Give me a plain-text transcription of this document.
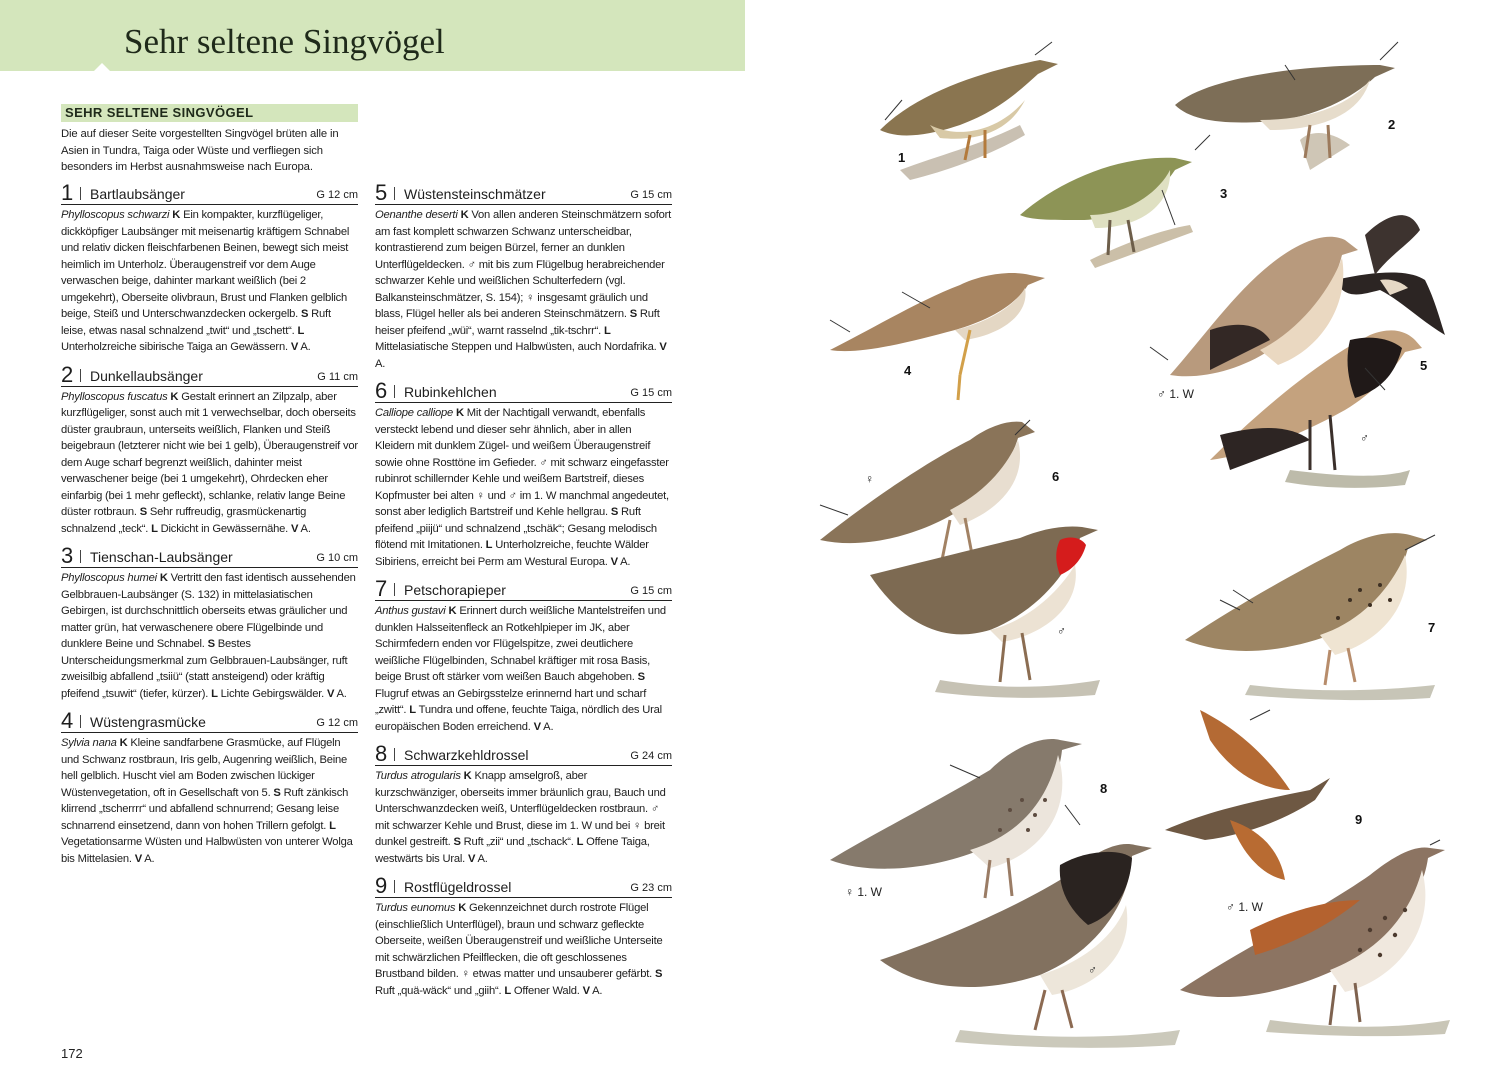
Sehr seltene Singvögel
SEHR SELTENE SINGVÖGEL
Die auf dieser Seite vorgestellten Singvögel brüten alle in Asien in Tundra, Taiga oder Wüste und verfliegen sich besonders im Herbst ausnahmsweise nach Europa.
1 Bartlaubsänger	G 12 cm
Phylloscopus schwarzi K Ein kompakter, kurzflügeliger, dickköpfiger Laubsänger mit meisenartig kräftigem Schnabel und relativ dicken fleischfarbenen Beinen, bewegt sich meist heimlich im Unterholz. Überaugenstreif vor dem Auge verwaschen beige, dahinter markant weißlich (bei 2 umgekehrt), Oberseite olivbraun, Brust und Flanken gelblich beige, Steiß und Unterschwanzdecken ockergelb. S Ruft leise, etwas nasal schnalzend „twit“ und „tschett“. L Unterholzreiche sibirische Taiga an Gewässern. V A.
2 Dunkellaubsänger	G 11 cm
Phylloscopus fuscatus K Gestalt erinnert an Zilpzalp, aber kurzflügeliger, sonst auch mit 1 verwechselbar, doch oberseits düster graubraun, unterseits weißlich, Flanken und Steiß beigebraun (letzterer nicht wie bei 1 gelb), Überaugenstreif vor dem Auge scharf begrenzt weißlich, dahinter meist verwaschener beige (bei 1 umgekehrt), Ohrdecken eher einfarbig (bei 1 mehr gefleckt), schlanke, relativ lange Beine düster rotbraun. S Sehr ruffreudig, grasmückenartig schnalzend „teck“. L Dickicht in Gewässernähe. V A.
3 Tienschan-Laubsänger	G 10 cm
Phylloscopus humei K Vertritt den fast identisch aussehenden Gelbbrauen-Laubsänger (S. 132) in mittelasiatischen Gebirgen, ist durchschnittlich oberseits etwas gräulicher und matter grün, hat verwaschenere obere Flügelbinde und dunklere Beine und Schnabel. S Bestes Unterscheidungsmerkmal zum Gelbbrauen-Laubsänger, ruft zweisilbig abfallend „tsiiü“ (statt ansteigend) oder kräftig pfeifend „tsuwit“ (tiefer, kürzer). L Lichte Gebirgswälder. V A.
4 Wüstengrasmücke	G 12 cm
Sylvia nana K Kleine sandfarbene Grasmücke, auf Flügeln und Schwanz rostbraun, Iris gelb, Augenring weißlich, Beine hell gelblich. Huscht viel am Boden zwischen lückiger Wüstenvegetation, oft in Gesellschaft von 5. S Ruft zänkisch klirrend „tscherrrr“ und abfallend schnurrend; Gesang leise schnarrend einsetzend, dann von hohen Trillern gefolgt. L Vegetationsarme Wüsten und Halbwüsten von unterer Wolga bis Mittelasien. V A.
5 Wüstensteinschmätzer	G 15 cm
Oenanthe deserti K Von allen anderen Steinschmätzern sofort am fast komplett schwarzen Schwanz unterscheidbar, kontrastierend zum beigen Bürzel, ferner an dunklen Unterflügeldecken. ♂ mit bis zum Flügelbug herabreichender schwarzer Kehle und weißlichen Schulterfedern (vgl. Balkansteinschmätzer, S. 154); ♀ insgesamt gräulich und blass, Flügel heller als bei anderen Steinschmätzern. S Ruft heiser pfeifend „wüi“, warnt rasselnd „tik-tschrr“. L Mittelasiatische Steppen und Halbwüsten, auch Nordafrika. V A.
6 Rubinkehlchen	G 15 cm
Calliope calliope K Mit der Nachtigall verwandt, ebenfalls versteckt lebend und dieser sehr ähnlich, aber in allen Kleidern mit dunklem Zügel- und weißem Überaugenstreif sowie ohne Rosttöne im Gefieder. ♂ mit schwarz eingefasster rubinrot schillernder Kehle und weißem Bartstreif, dieses Kopfmuster bei alten ♀ und ♂ im 1. W manchmal angedeutet, sonst aber lediglich Bartstreif und Kehle hellgrau. S Ruft pfeifend „piijü“ und schnalzend „tschäk“; Gesang melodisch flötend mit Imitationen. L Unterholzreiche, feuchte Wälder Sibiriens, erreicht bei Perm am Westural Europa. V A.
7 Petschorapieper	G 15 cm
Anthus gustavi K Erinnert durch weißliche Mantelstreifen und dunklen Halsseitenfleck an Rotkehlpieper im JK, aber Schirmfedern enden vor Flügelspitze, zwei deutlichere weißliche Flügelbinden, Schnabel kräftiger mit rosa Basis, beige Brust oft stärker vom weißen Bauch abgehoben. S Flugruf etwas an Gebirgsstelze erinnernd hart und scharf „zwitt“. L Tundra und offene, feuchte Taiga, nördlich des Ural europäischen Boden erreichend. V A.
8 Schwarzkehldrossel	G 24 cm
Turdus atrogularis K Knapp amselgroß, aber kurzschwänziger, oberseits immer bräunlich grau, Bauch und Unterschwanzdecken weiß, Unterflügeldecken rostbraun. ♂ mit schwarzer Kehle und Brust, diese im 1. W und bei ♀ breit dunkel gestreift. S Ruft „zii“ und „tschack“. L Offene Taiga, westwärts bis Ural. V A.
9 Rostflügeldrossel	G 23 cm
Turdus eunomus K Gekennzeichnet durch rostrote Flügel (einschließlich Unterflügel), braun und schwarz gefleckte Oberseite, weißen Überaugenstreif und weißliche Unterseite mit schwärzlichen Pfeilflecken, die oft geschlossenes Brustband bilden. ♀ etwas matter und unsauberer gefärbt. S Ruft „quä-wäck“ und „giih“. L Offener Wald. V A.
172
1
2
3
4	5
6
7
8
9
♂ 1. W
♂
♀
♂
♀ 1. W
♂
♂ 1. W
